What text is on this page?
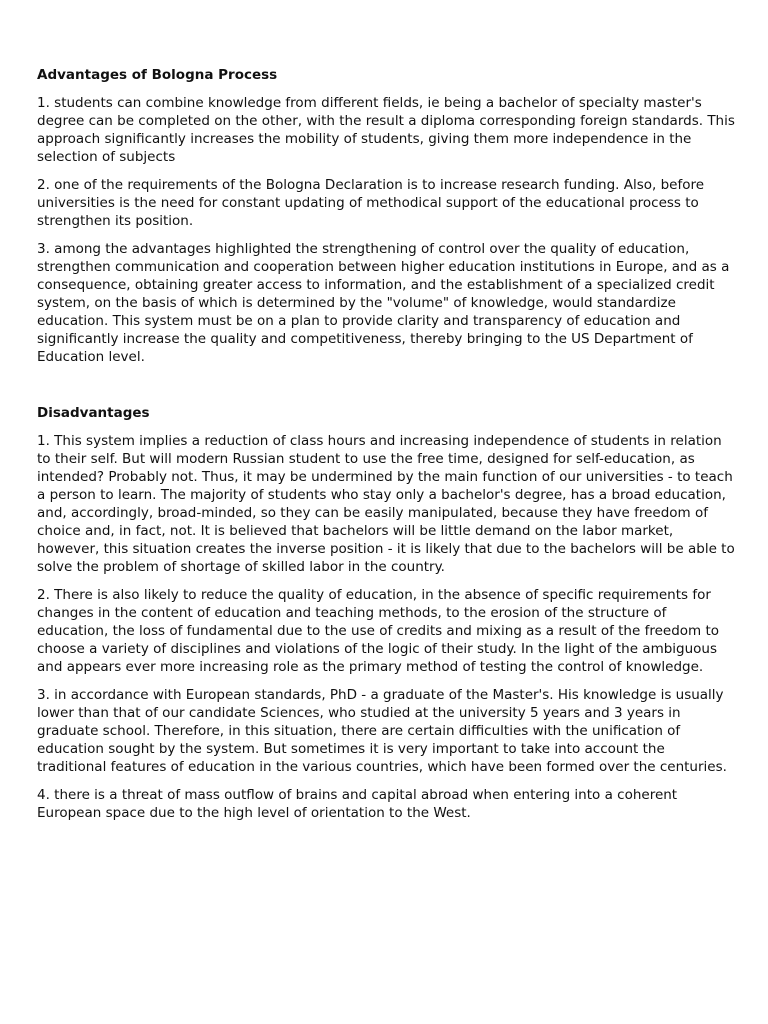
Advantages of Bologna Process

1. students can combine knowledge from different fields, ie being a bachelor of specialty master's degree can be completed on the other, with the result a diploma corresponding foreign standards. This approach significantly increases the mobility of students, giving them more independence in the selection of subjects

2. one of the requirements of the Bologna Declaration is to increase research funding. Also, before universities is the need for constant updating of methodical support of the educational process to strengthen its position.

3. among the advantages highlighted the strengthening of control over the quality of education, strengthen communication and cooperation between higher education institutions in Europe, and as a consequence, obtaining greater access to information, and the establishment of a specialized credit system, on the basis of which is determined by the "volume" of knowledge, would standardize education. This system must be on a plan to provide clarity and transparency of education and significantly increase the quality and competitiveness, thereby bringing to the US Department of Education level.

Disadvantages

1. This system implies a reduction of class hours and increasing independence of students in relation to their self. But will modern Russian student to use the free time, designed for self-education, as intended? Probably not. Thus, it may be undermined by the main function of our universities - to teach a person to learn. The majority of students who stay only a bachelor's degree, has a broad education, and, accordingly, broad-minded, so they can be easily manipulated, because they have freedom of choice and, in fact, not. It is believed that bachelors will be little demand on the labor market, however, this situation creates the inverse position - it is likely that due to the bachelors will be able to solve the problem of shortage of skilled labor in the country.

2. There is also likely to reduce the quality of education, in the absence of specific requirements for changes in the content of education and teaching methods, to the erosion of the structure of education, the loss of fundamental due to the use of credits and mixing as a result of the freedom to choose a variety of disciplines and violations of the logic of their study. In the light of the ambiguous and appears ever more increasing role as the primary method of testing the control of knowledge.

3. in accordance with European standards, PhD - a graduate of the Master's. His knowledge is usually lower than that of our candidate Sciences, who studied at the university 5 years and 3 years in graduate school. Therefore, in this situation, there are certain difficulties with the unification of education sought by the system. But sometimes it is very important to take into account the traditional features of education in the various countries, which have been formed over the centuries.

4. there is a threat of mass outflow of brains and capital abroad when entering into a coherent European space due to the high level of orientation to the West.
